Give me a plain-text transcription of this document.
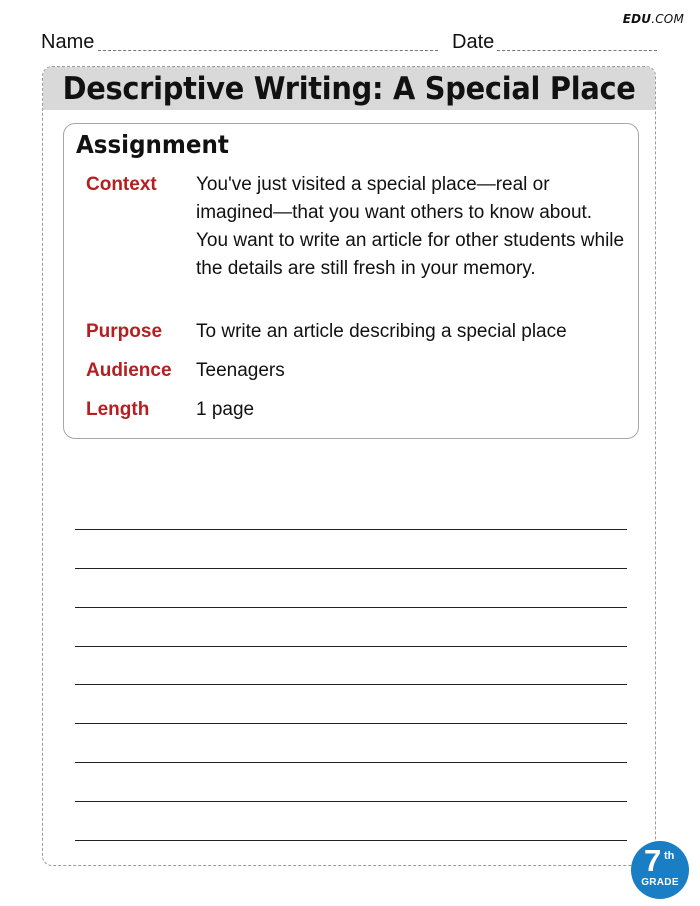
EDU.COM
Name	Date
Descriptive Writing: A Special Place
Assignment
Context	You've just visited a special place—real or imagined—that you want others to know about. You want to write an article for other students while the details are still fresh in your memory.
Purpose	To write an article describing a special place
Audience	Teenagers
Length	1 page
7 th
GRADE
